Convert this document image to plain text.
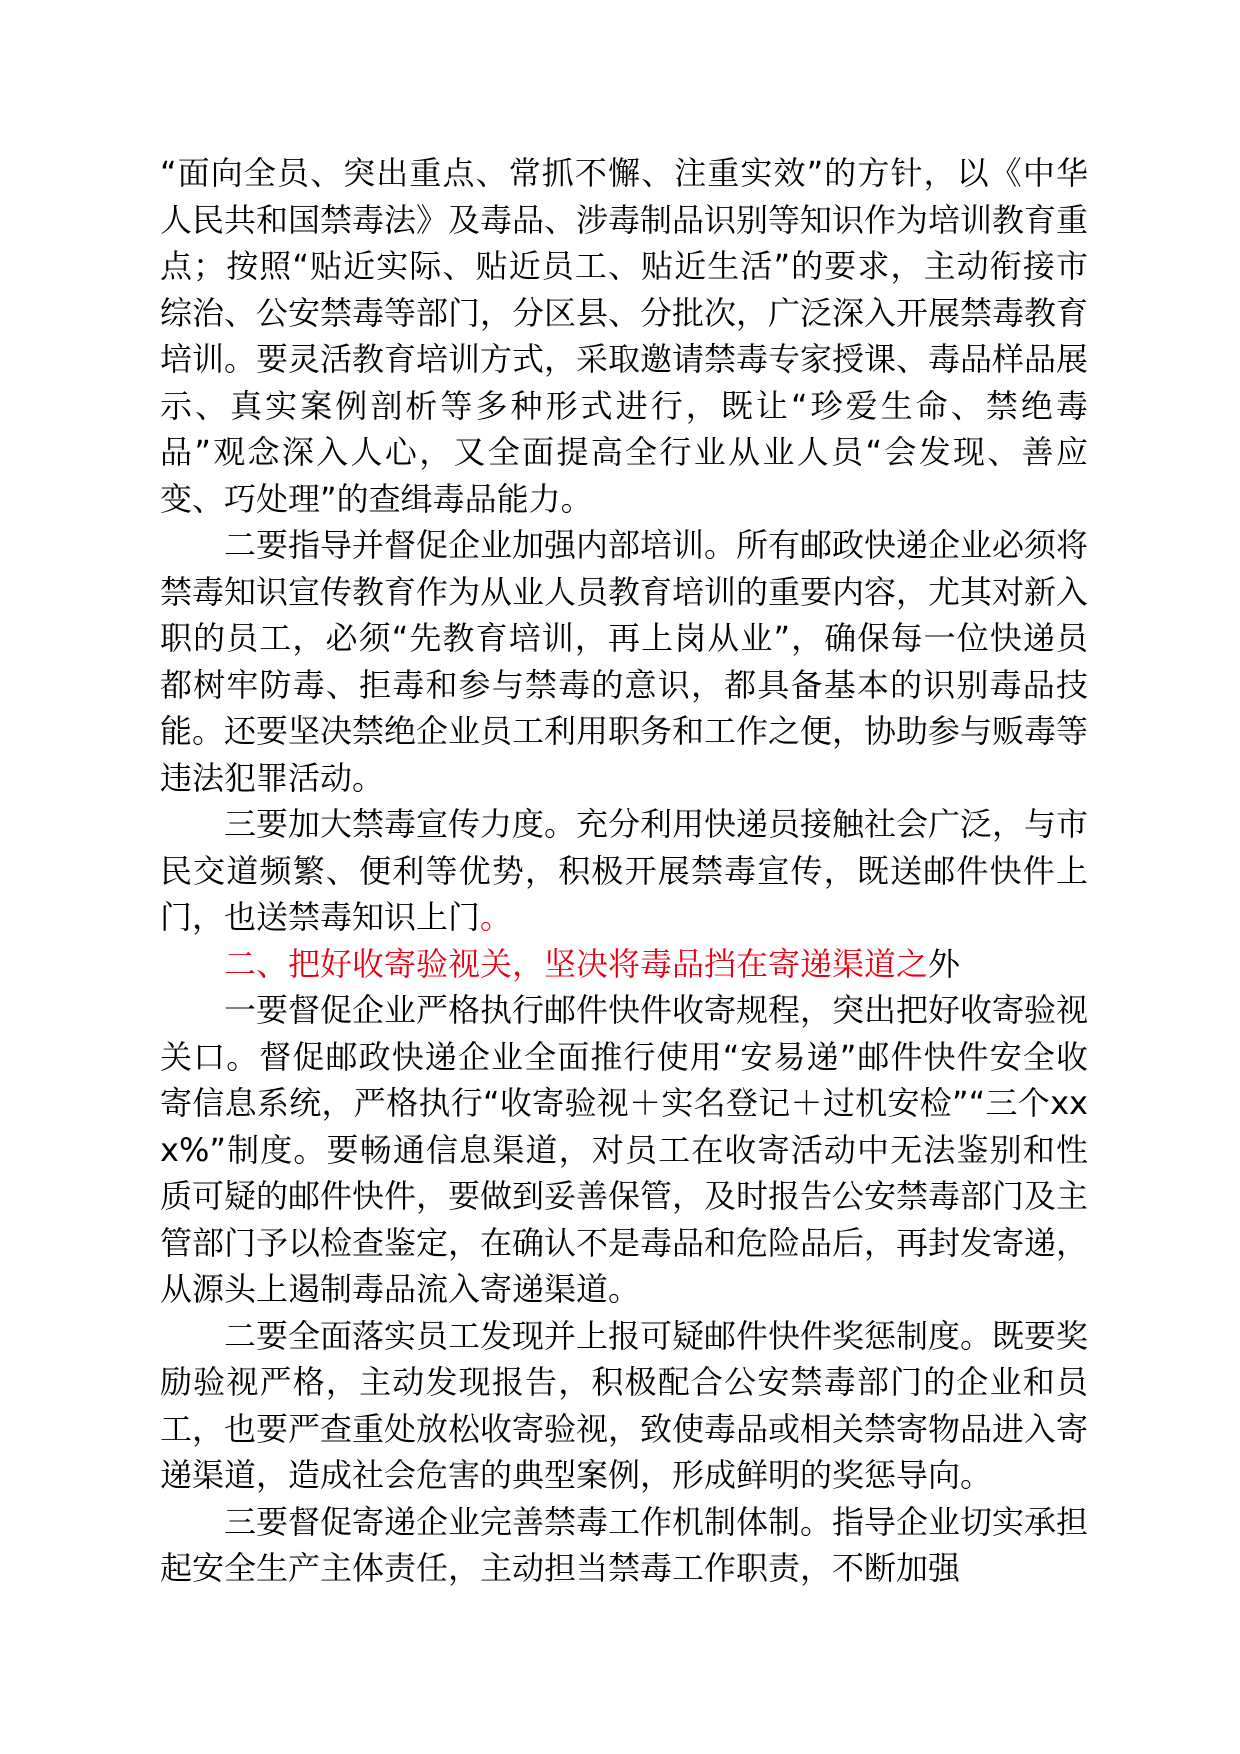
“面向全员、突出重点、常抓不懈、注重实效”的方针，以《中华人民共和国禁毒法》及毒品、涉毒制品识别等知识作为培训教育重点；按照“贴近实际、贴近员工、贴近生活”的要求，主动衔接市综治、公安禁毒等部门，分区县、分批次，广泛深入开展禁毒教育培训。要灵活教育培训方式，采取邀请禁毒专家授课、毒品样品展示、真实案例剖析等多种形式进行，既让“珍爱生命、禁绝毒品”观念深入人心，又全面提高全行业从业人员“会发现、善应变、巧处理”的查缉毒品能力。

二要指导并督促企业加强内部培训。所有邮政快递企业必须将禁毒知识宣传教育作为从业人员教育培训的重要内容，尤其对新入职的员工，必须“先教育培训，再上岗从业”，确保每一位快递员都树牢防毒、拒毒和参与禁毒的意识，都具备基本的识别毒品技能。还要坚决禁绝企业员工利用职务和工作之便，协助参与贩毒等违法犯罪活动。

三要加大禁毒宣传力度。充分利用快递员接触社会广泛，与市民交道频繁、便利等优势，积极开展禁毒宣传，既送邮件快件上门，也送禁毒知识上门。

二、把好收寄验视关，坚决将毒品挡在寄递渠道之外

一要督促企业严格执行邮件快件收寄规程，突出把好收寄验视关口。督促邮政快递企业全面推行使用“安易递”邮件快件安全收寄信息系统，严格执行“收寄验视＋实名登记＋过机安检”“三个xxx%”制度。要畅通信息渠道，对员工在收寄活动中无法鉴别和性质可疑的邮件快件，要做到妥善保管，及时报告公安禁毒部门及主管部门予以检查鉴定，在确认不是毒品和危险品后，再封发寄递，从源头上遏制毒品流入寄递渠道。

二要全面落实员工发现并上报可疑邮件快件奖惩制度。既要奖励验视严格，主动发现报告，积极配合公安禁毒部门的企业和员工，也要严查重处放松收寄验视，致使毒品或相关禁寄物品进入寄递渠道，造成社会危害的典型案例，形成鲜明的奖惩导向。

三要督促寄递企业完善禁毒工作机制体制。指导企业切实承担起安全生产主体责任，主动担当禁毒工作职责，不断加强
